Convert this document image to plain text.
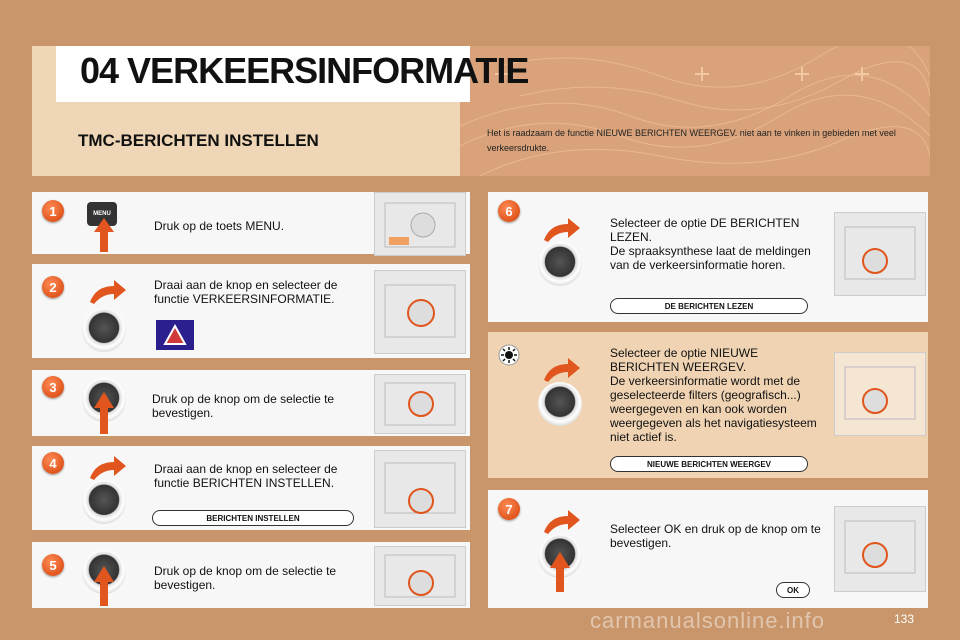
04 VERKEERSINFORMATIE
TMC-BERICHTEN INSTELLEN	Het is raadzaam de functie NIEUWE BERICHTEN WEERGEV. niet aan te vinken in gebieden met veel verkeersdrukte.
1	MENU
Druk op de toets MENU.
2	Draai aan de knop en selecteer de functie VERKEERSINFORMATIE.
3
Druk op de knop om de selectie te bevestigen.
4	Draai aan de knop en selecteer de functie BERICHTEN INSTELLEN.
BERICHTEN INSTELLEN
5	Druk op de knop om de selectie te bevestigen.
6
Selecteer de optie DE BERICHTEN LEZEN.
De spraaksynthese laat de meldingen van de verkeersinformatie horen.
DE BERICHTEN LEZEN
Selecteer de optie NIEUWE BERICHTEN WEERGEV.
De verkeersinformatie wordt met de geselecteerde filters (geografisch...) weergegeven en kan ook worden weergegeven als het navigatiesysteem niet actief is.
NIEUWE BERICHTEN WEERGEV
7
Selecteer OK en druk op de knop om te bevestigen.
OK
133
carmanualsonline.info
